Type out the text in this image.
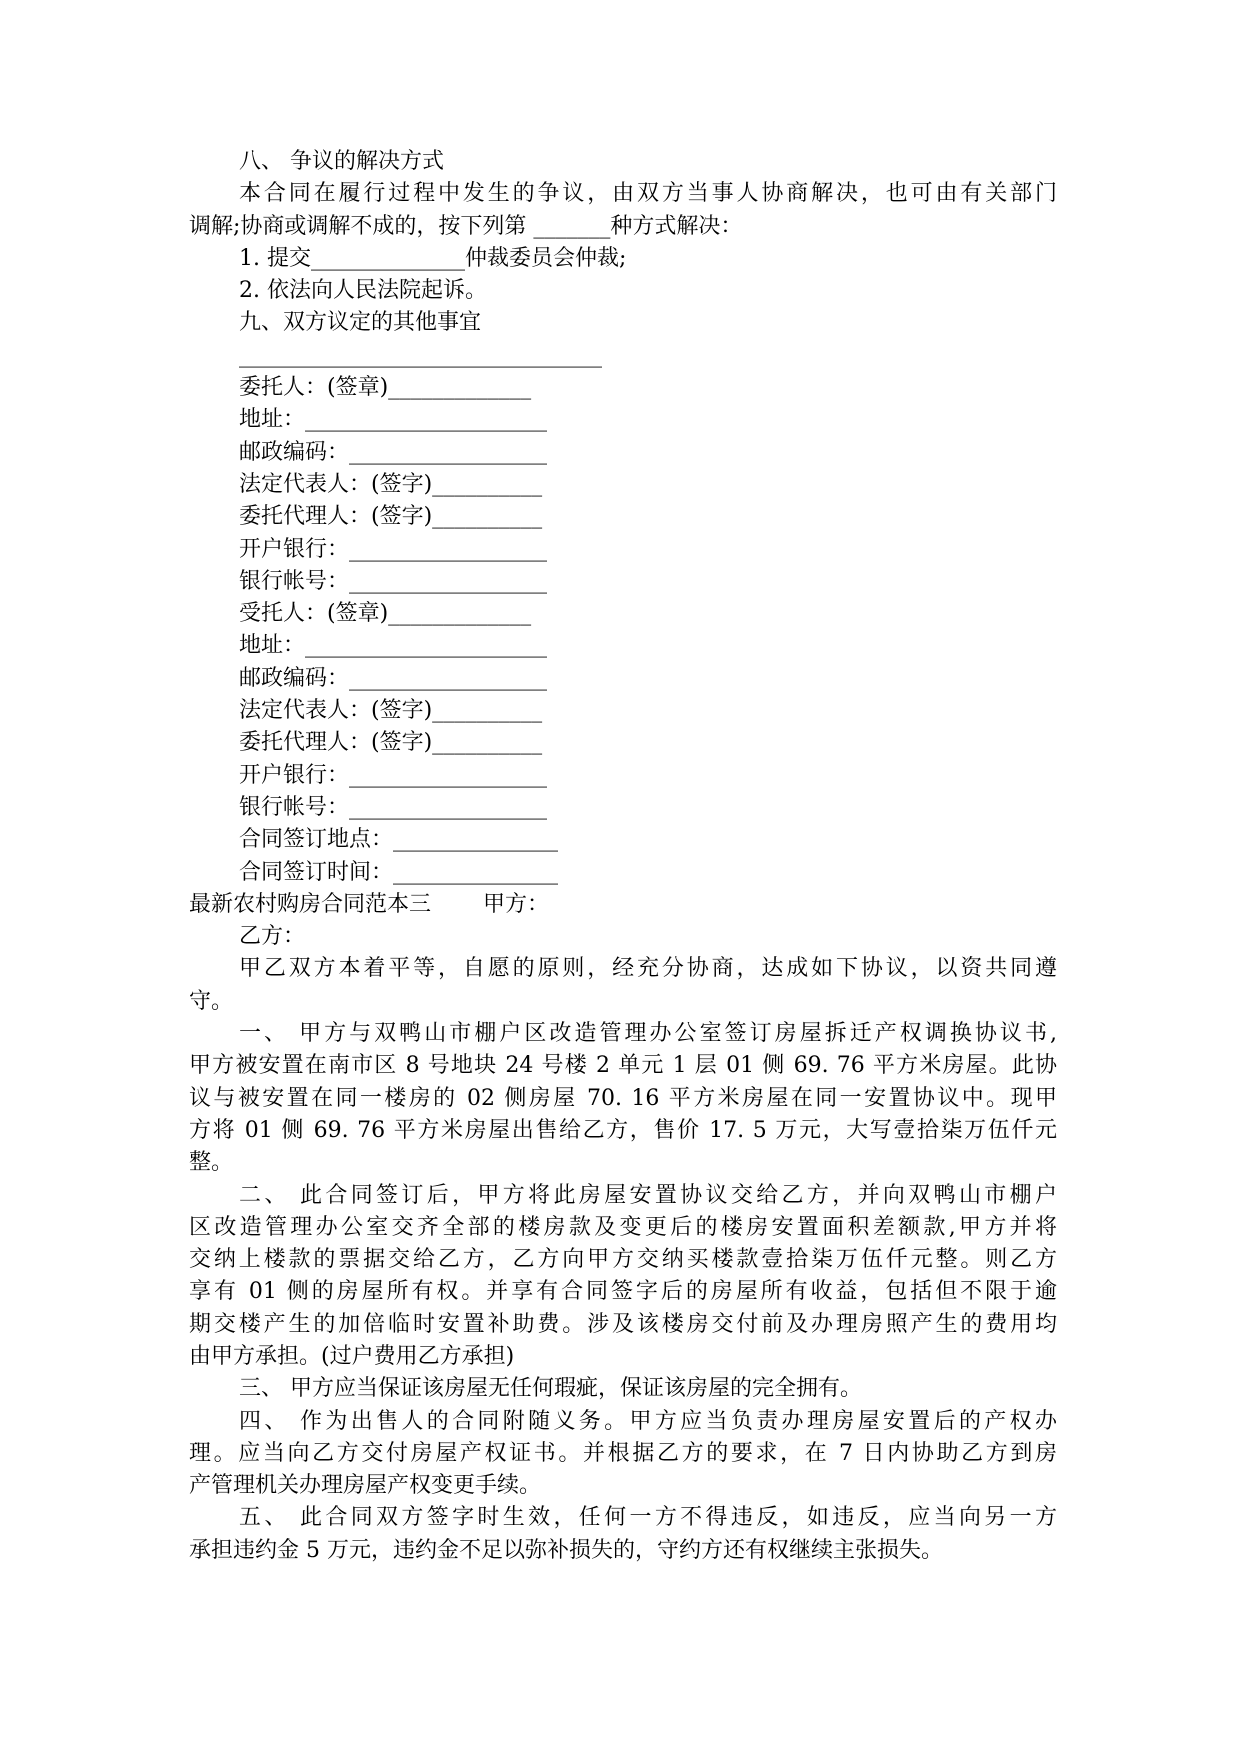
八、 争议的解决方式
本合同在履行过程中发生的争议，由双方当事人协商解决，也可由有关部门
调解;协商或调解不成的，按下列第 _______种方式解决：
1. 提交______________仲裁委员会仲裁;
2. 依法向人民法院起诉。
九、双方议定的其他事宜
_________________________________
委托人：(签章)_____________
地址：______________________
邮政编码：__________________
法定代表人：(签字)__________
委托代理人：(签字)__________
开户银行：__________________
银行帐号：__________________
受托人：(签章)_____________
地址：______________________
邮政编码：__________________
法定代表人：(签字)__________
委托代理人：(签字)__________
开户银行：__________________
银行帐号：__________________
合同签订地点：_______________
合同签订时间：_______________
最新农村购房合同范本三 甲方：
乙方：
甲乙双方本着平等，自愿的原则，经充分协商，达成如下协议，以资共同遵
守。
一、 甲方与双鸭山市棚户区改造管理办公室签订房屋拆迁产权调换协议书,
甲方被安置在南市区 8 号地块 24 号楼 2 单元 1 层 01 侧 69. 76 平方米房屋。此协
议与被安置在同一楼房的 02 侧房屋 70. 16 平方米房屋在同一安置协议中。现甲
方将 01 侧 69. 76 平方米房屋出售给乙方，售价 17. 5 万元，大写壹拾柒万伍仟元
整。
二、 此合同签订后，甲方将此房屋安置协议交给乙方，并向双鸭山市棚户
区改造管理办公室交齐全部的楼房款及变更后的楼房安置面积差额款,甲方并将
交纳上楼款的票据交给乙方，乙方向甲方交纳买楼款壹拾柒万伍仟元整。则乙方
享有 01 侧的房屋所有权。并享有合同签字后的房屋所有收益，包括但不限于逾
期交楼产生的加倍临时安置补助费。涉及该楼房交付前及办理房照产生的费用均
由甲方承担。(过户费用乙方承担)
三、 甲方应当保证该房屋无任何瑕疵，保证该房屋的完全拥有。
四、 作为出售人的合同附随义务。甲方应当负责办理房屋安置后的产权办
理。应当向乙方交付房屋产权证书。并根据乙方的要求，在 7 日内协助乙方到房
产管理机关办理房屋产权变更手续。
五、 此合同双方签字时生效，任何一方不得违反，如违反，应当向另一方
承担违约金 5 万元，违约金不足以弥补损失的，守约方还有权继续主张损失。
